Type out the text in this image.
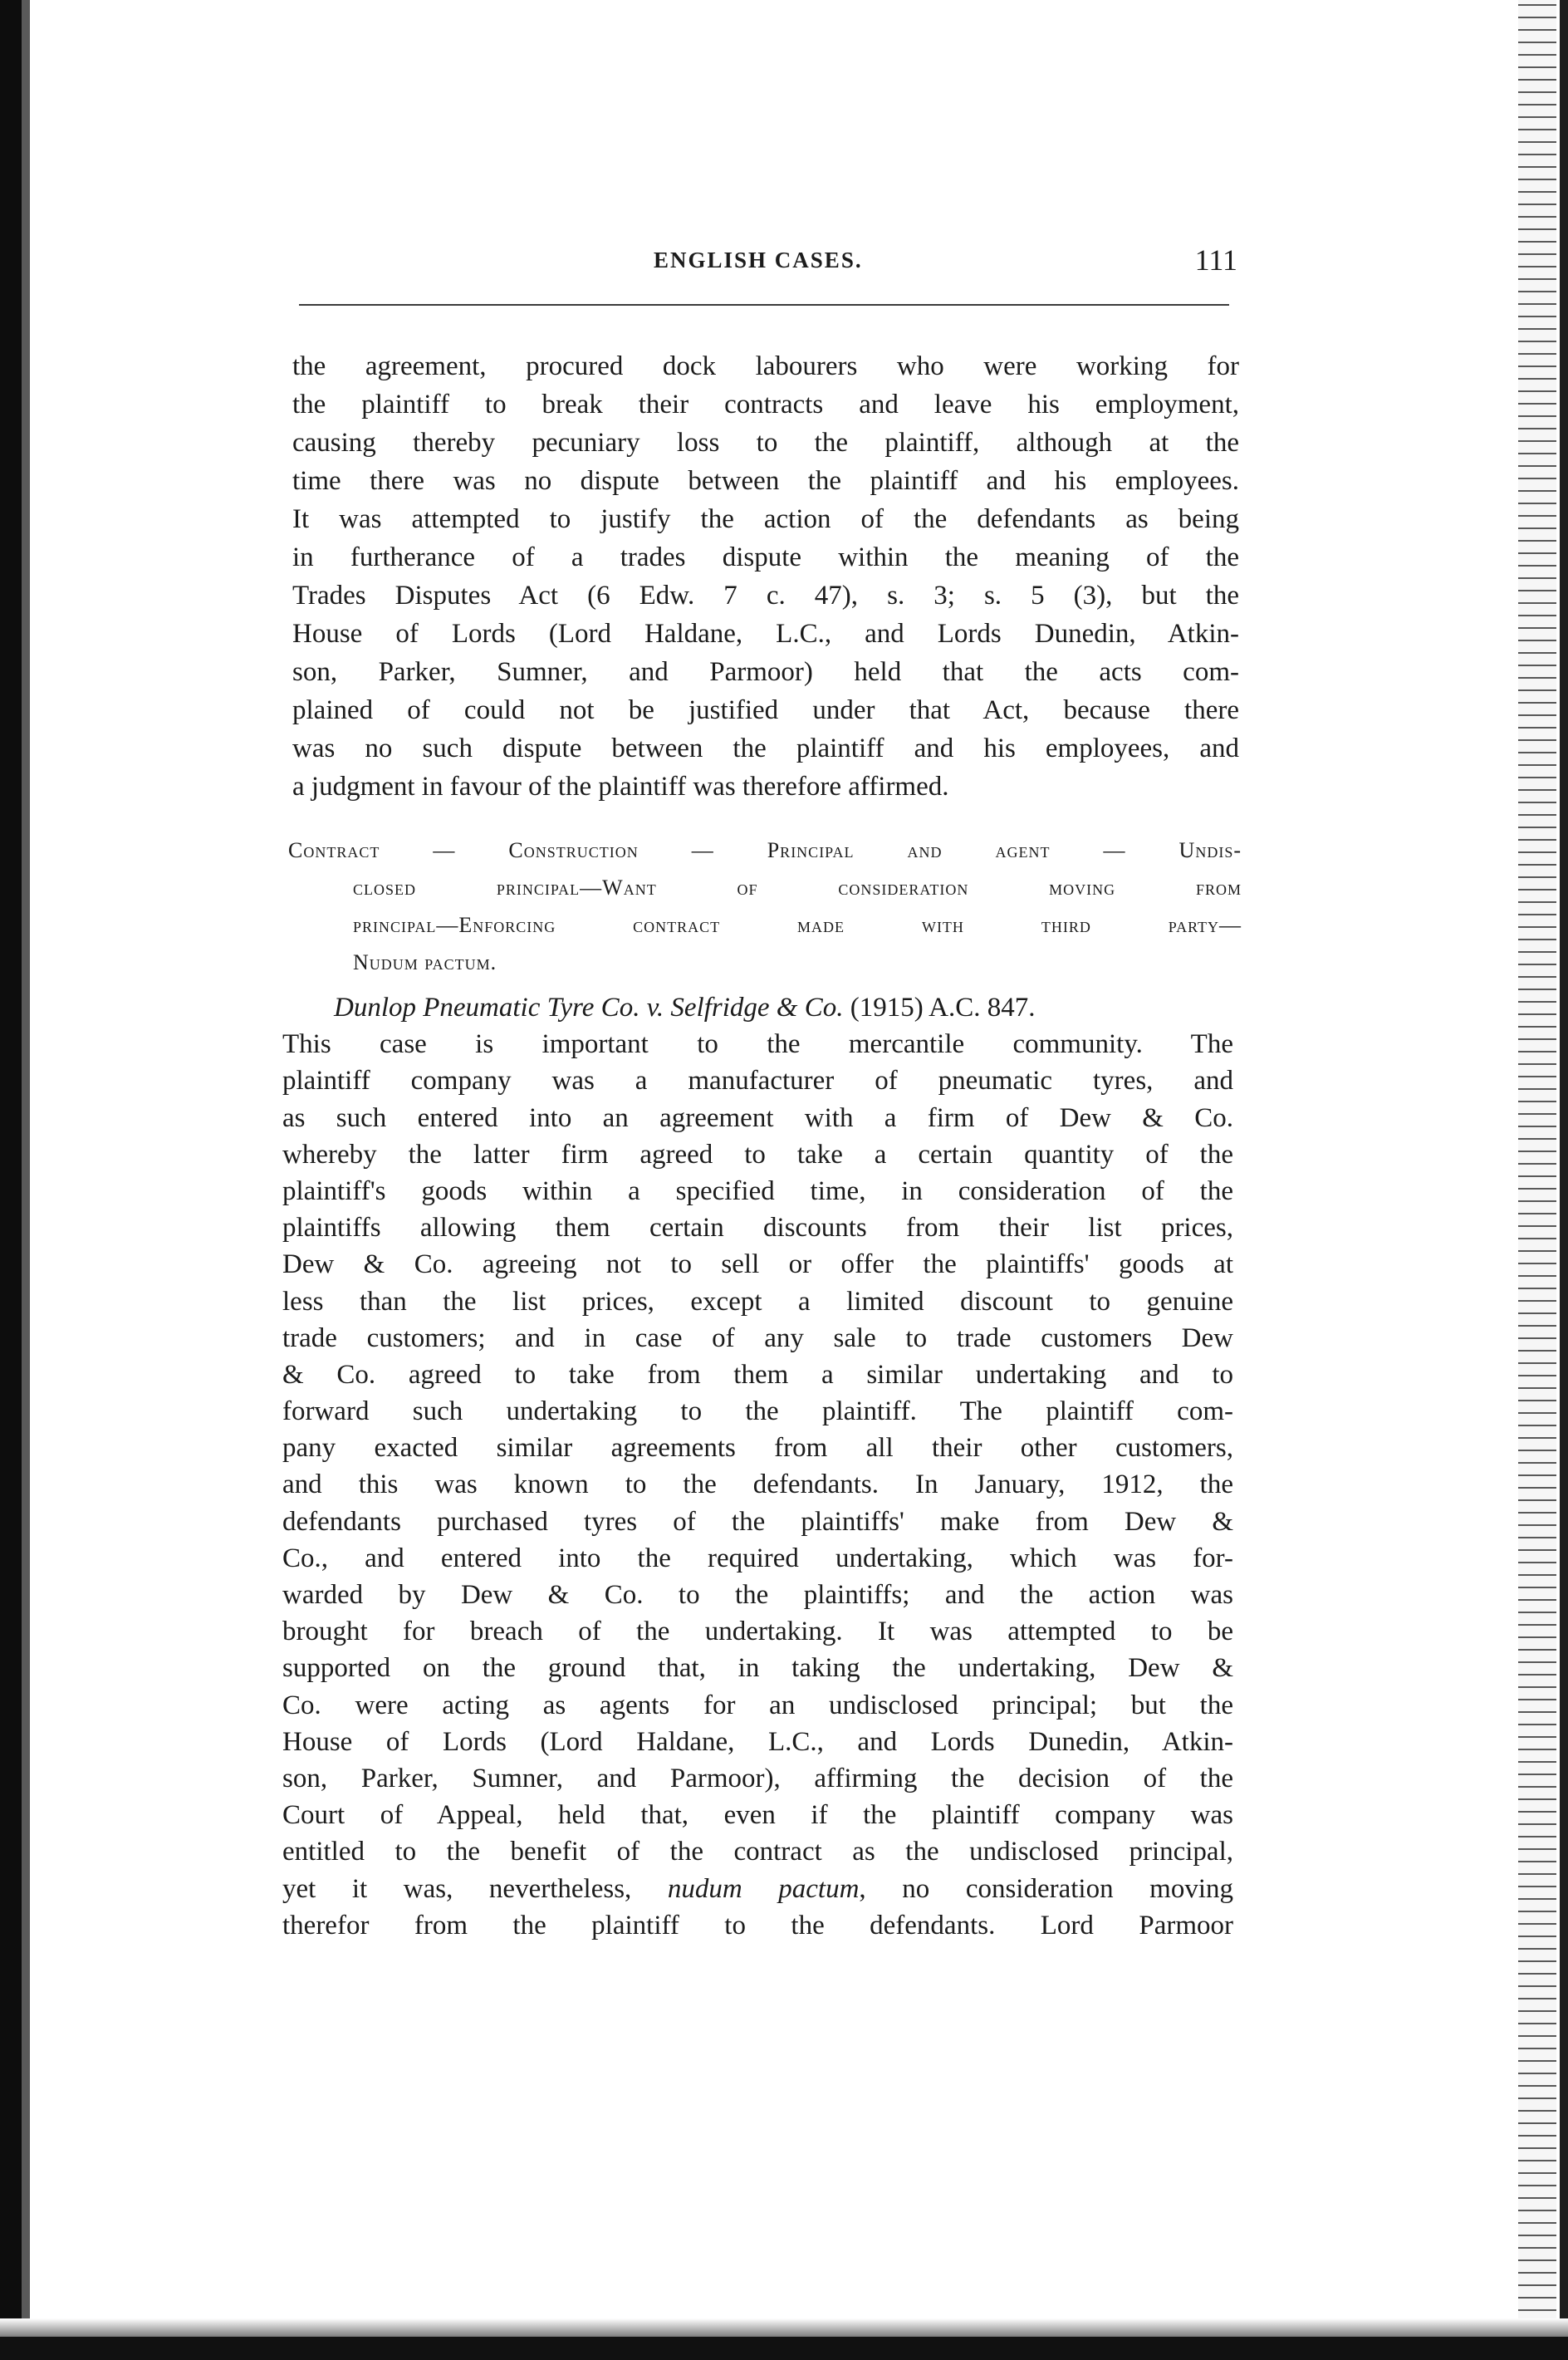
ENGLISH CASES.	111
the agreement, procured dock labourers who were working for
the plaintiff to break their contracts and leave his employment,
causing thereby pecuniary loss to the plaintiff, although at the
time there was no dispute between the plaintiff and his employees.
It was attempted to justify the action of the defendants as being
in furtherance of a trades dispute within the meaning of the
Trades Disputes Act (6 Edw. 7 c. 47), s. 3; s. 5 (3), but the
House of Lords (Lord Haldane, L.C., and Lords Dunedin, Atkin-
son, Parker, Sumner, and Parmoor) held that the acts com-
plained of could not be justified under that Act, because there
was no such dispute between the plaintiff and his employees, and
a judgment in favour of the plaintiff was therefore affirmed.
Contract — Construction — Principal and agent — Undis-
closed principal—Want of consideration moving from
principal—Enforcing contract made with third party—
Nudum pactum.
Dunlop Pneumatic Tyre Co. v. Selfridge & Co. (1915) A.C. 847.
This case is important to the mercantile community. The
plaintiff company was a manufacturer of pneumatic tyres, and
as such entered into an agreement with a firm of Dew & Co.
whereby the latter firm agreed to take a certain quantity of the
plaintiff's goods within a specified time, in consideration of the
plaintiffs allowing them certain discounts from their list prices,
Dew & Co. agreeing not to sell or offer the plaintiffs' goods at
less than the list prices, except a limited discount to genuine
trade customers; and in case of any sale to trade customers Dew
& Co. agreed to take from them a similar undertaking and to
forward such undertaking to the plaintiff. The plaintiff com-
pany exacted similar agreements from all their other customers,
and this was known to the defendants. In January, 1912, the
defendants purchased tyres of the plaintiffs' make from Dew &
Co., and entered into the required undertaking, which was for-
warded by Dew & Co. to the plaintiffs; and the action was
brought for breach of the undertaking. It was attempted to be
supported on the ground that, in taking the undertaking, Dew &
Co. were acting as agents for an undisclosed principal; but the
House of Lords (Lord Haldane, L.C., and Lords Dunedin, Atkin-
son, Parker, Sumner, and Parmoor), affirming the decision of the
Court of Appeal, held that, even if the plaintiff company was
entitled to the benefit of the contract as the undisclosed principal,
yet it was, nevertheless, nudum pactum, no consideration moving
therefor from the plaintiff to the defendants. Lord Parmoor
